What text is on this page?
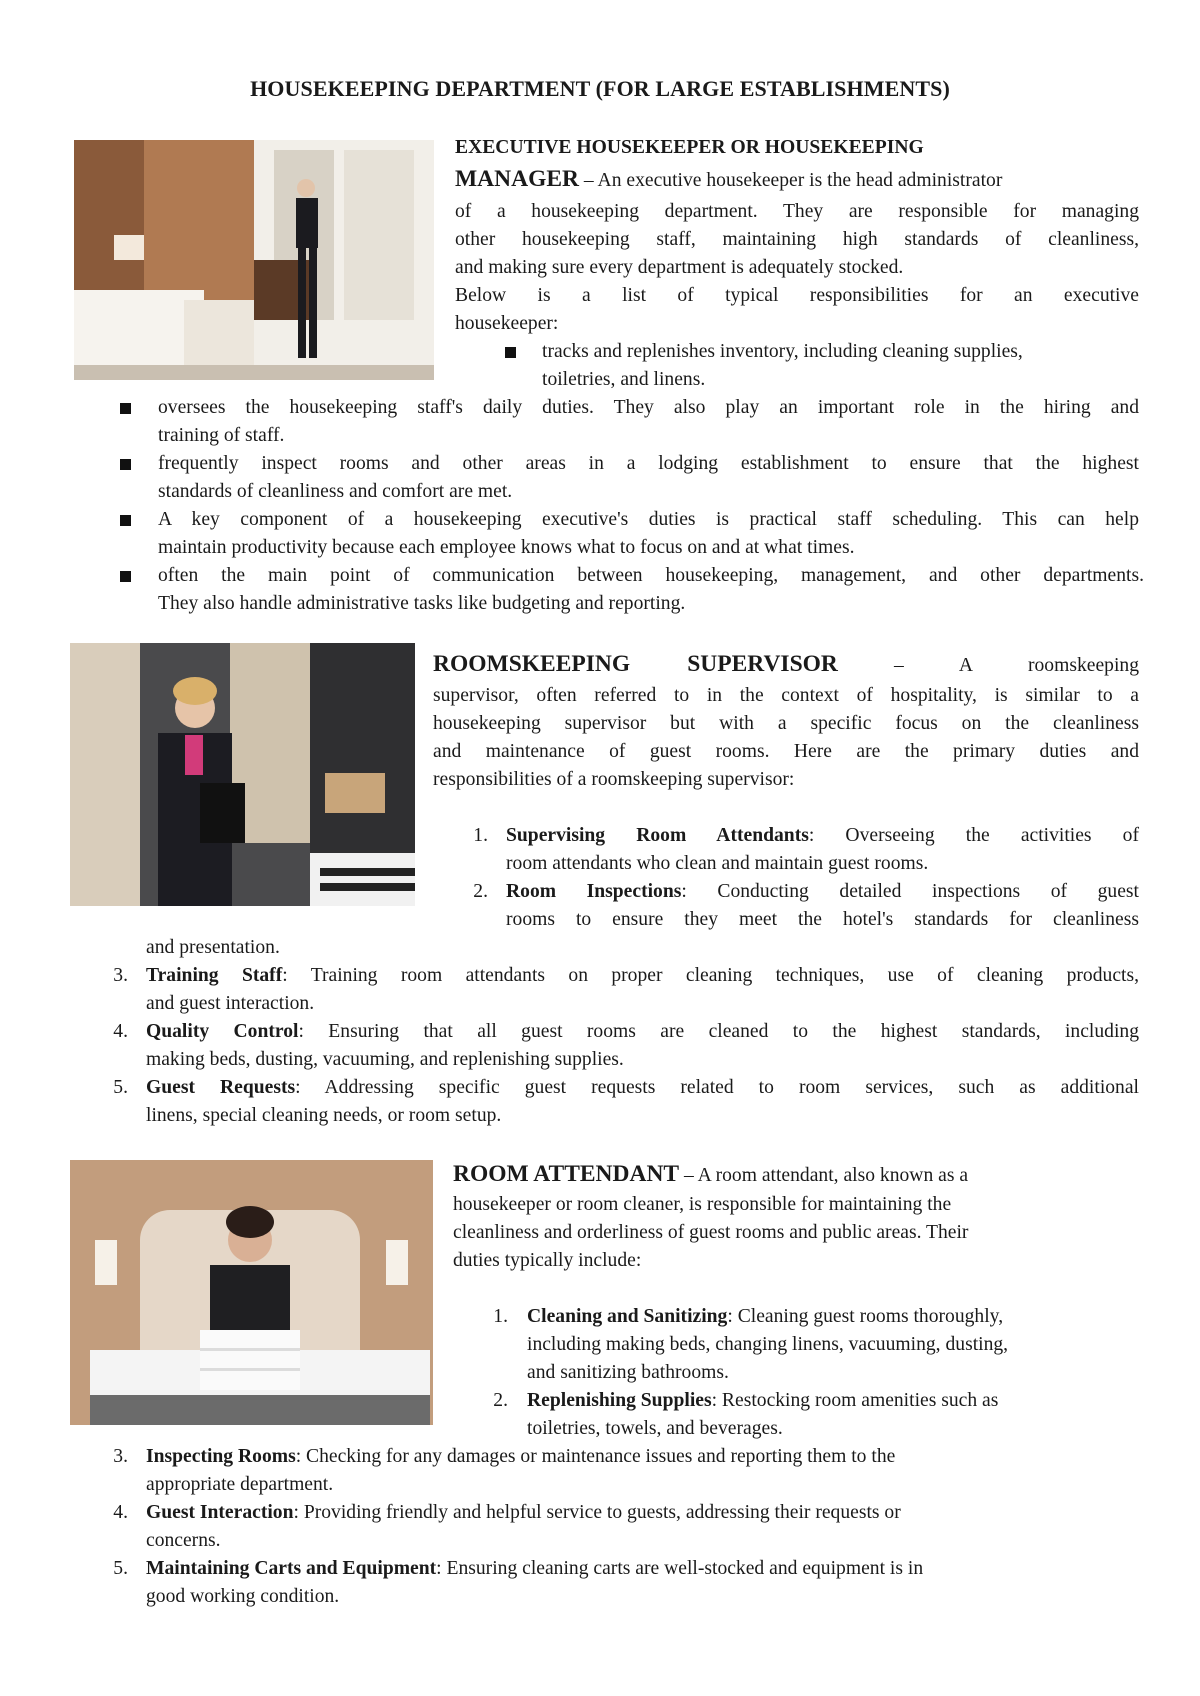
HOUSEKEEPING DEPARTMENT (FOR LARGE ESTABLISHMENTS)
EXECUTIVE HOUSEKEEPER OR HOUSEKEEPING
MANAGER – An executive housekeeper is the head administrator
of a housekeeping department. They are responsible for managing
other housekeeping staff, maintaining high standards of cleanliness,
and making sure every department is adequately stocked.
Below is a list of typical responsibilities for an executive
housekeeper:
tracks and replenishes inventory, including cleaning supplies,
toiletries, and linens.
oversees the housekeeping staff's daily duties. They also play an important role in the hiring and
training of staff.
frequently inspect rooms and other areas in a lodging establishment to ensure that the highest
standards of cleanliness and comfort are met.
A key component of a housekeeping executive's duties is practical staff scheduling. This can help
maintain productivity because each employee knows what to focus on and at what times.
often the main point of communication between housekeeping, management, and other departments.
They also handle administrative tasks like budgeting and reporting.
ROOMSKEEPING SUPERVISOR – A roomskeeping
supervisor, often referred to in the context of hospitality, is similar to a
housekeeping supervisor but with a specific focus on the cleanliness
and maintenance of guest rooms. Here are the primary duties and
responsibilities of a roomskeeping supervisor:
1. Supervising Room Attendants: Overseeing the activities of
room attendants who clean and maintain guest rooms.
2. Room Inspections: Conducting detailed inspections of guest
rooms to ensure they meet the hotel's standards for cleanliness
and presentation.
3. Training Staff: Training room attendants on proper cleaning techniques, use of cleaning products,
and guest interaction.
4. Quality Control: Ensuring that all guest rooms are cleaned to the highest standards, including
making beds, dusting, vacuuming, and replenishing supplies.
5. Guest Requests: Addressing specific guest requests related to room services, such as additional
linens, special cleaning needs, or room setup.
ROOM ATTENDANT – A room attendant, also known as a
housekeeper or room cleaner, is responsible for maintaining the
cleanliness and orderliness of guest rooms and public areas. Their
duties typically include:
1. Cleaning and Sanitizing: Cleaning guest rooms thoroughly,
including making beds, changing linens, vacuuming, dusting,
and sanitizing bathrooms.
2. Replenishing Supplies: Restocking room amenities such as
toiletries, towels, and beverages.
3. Inspecting Rooms: Checking for any damages or maintenance issues and reporting them to the
appropriate department.
4. Guest Interaction: Providing friendly and helpful service to guests, addressing their requests or
concerns.
5. Maintaining Carts and Equipment: Ensuring cleaning carts are well-stocked and equipment is in
good working condition.
